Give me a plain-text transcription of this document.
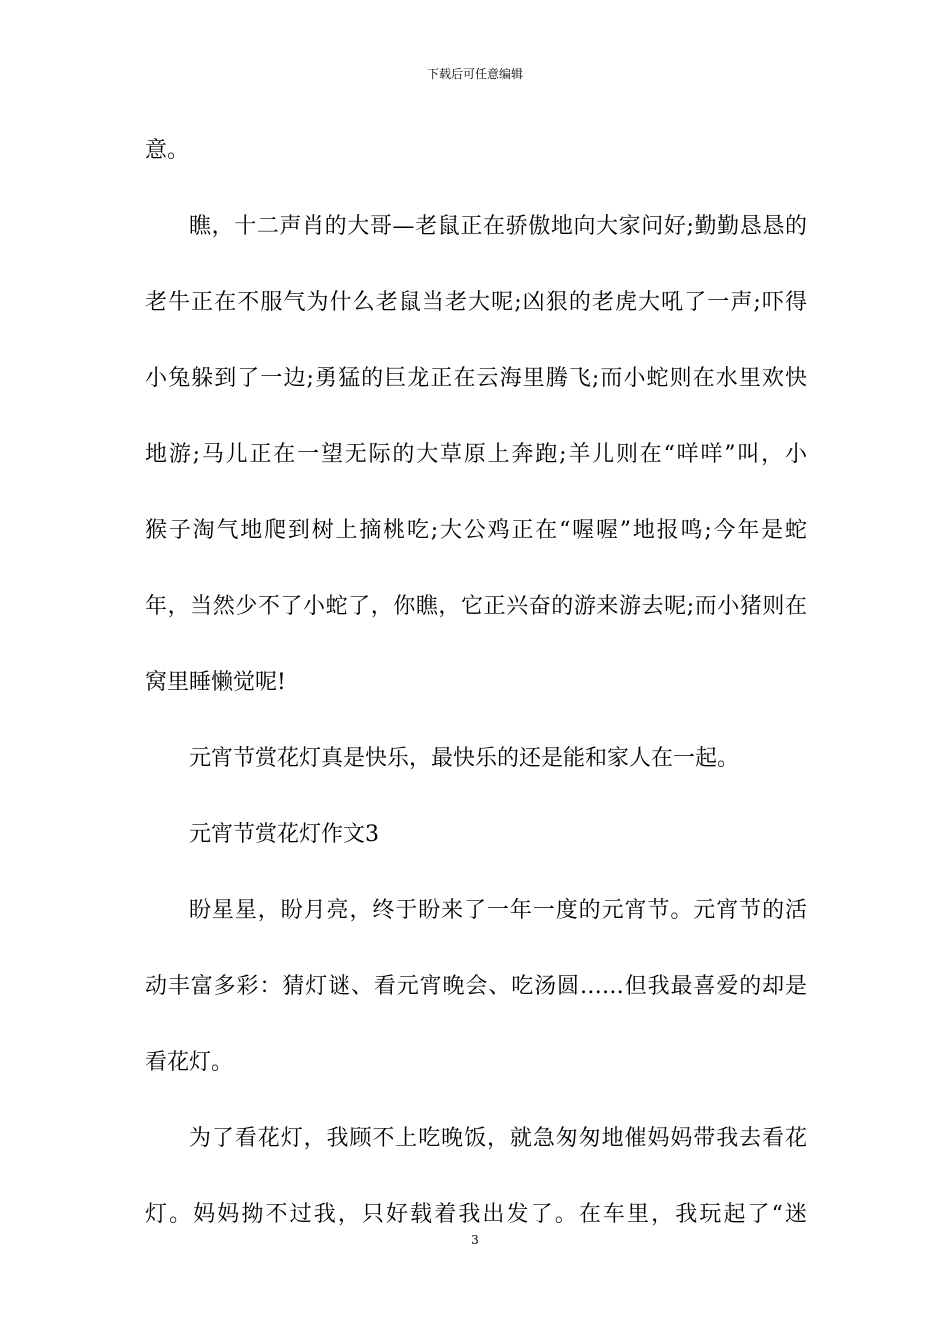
下载后可任意编辑
意。
瞧，十二声肖的大哥—老鼠正在骄傲地向大家问好;勤勤恳恳的
老牛正在不服气为什么老鼠当老大呢;凶狠的老虎大吼了一声;吓得
小兔躲到了一边;勇猛的巨龙正在云海里腾飞;而小蛇则在水里欢快
地游;马儿正在一望无际的大草原上奔跑;羊儿则在“咩咩”叫，小
猴子淘气地爬到树上摘桃吃;大公鸡正在“喔喔”地报鸣;今年是蛇
年，当然少不了小蛇了，你瞧，它正兴奋的游来游去呢;而小猪则在
窝里睡懒觉呢!
元宵节赏花灯真是快乐，最快乐的还是能和家人在一起。
元宵节赏花灯作文3
盼星星，盼月亮，终于盼来了一年一度的元宵节。元宵节的活
动丰富多彩：猜灯谜、看元宵晚会、吃汤圆……但我最喜爱的却是
看花灯。
为了看花灯，我顾不上吃晚饭，就急匆匆地催妈妈带我去看花
灯。妈妈拗不过我，只好载着我出发了。在车里，我玩起了“迷
3
